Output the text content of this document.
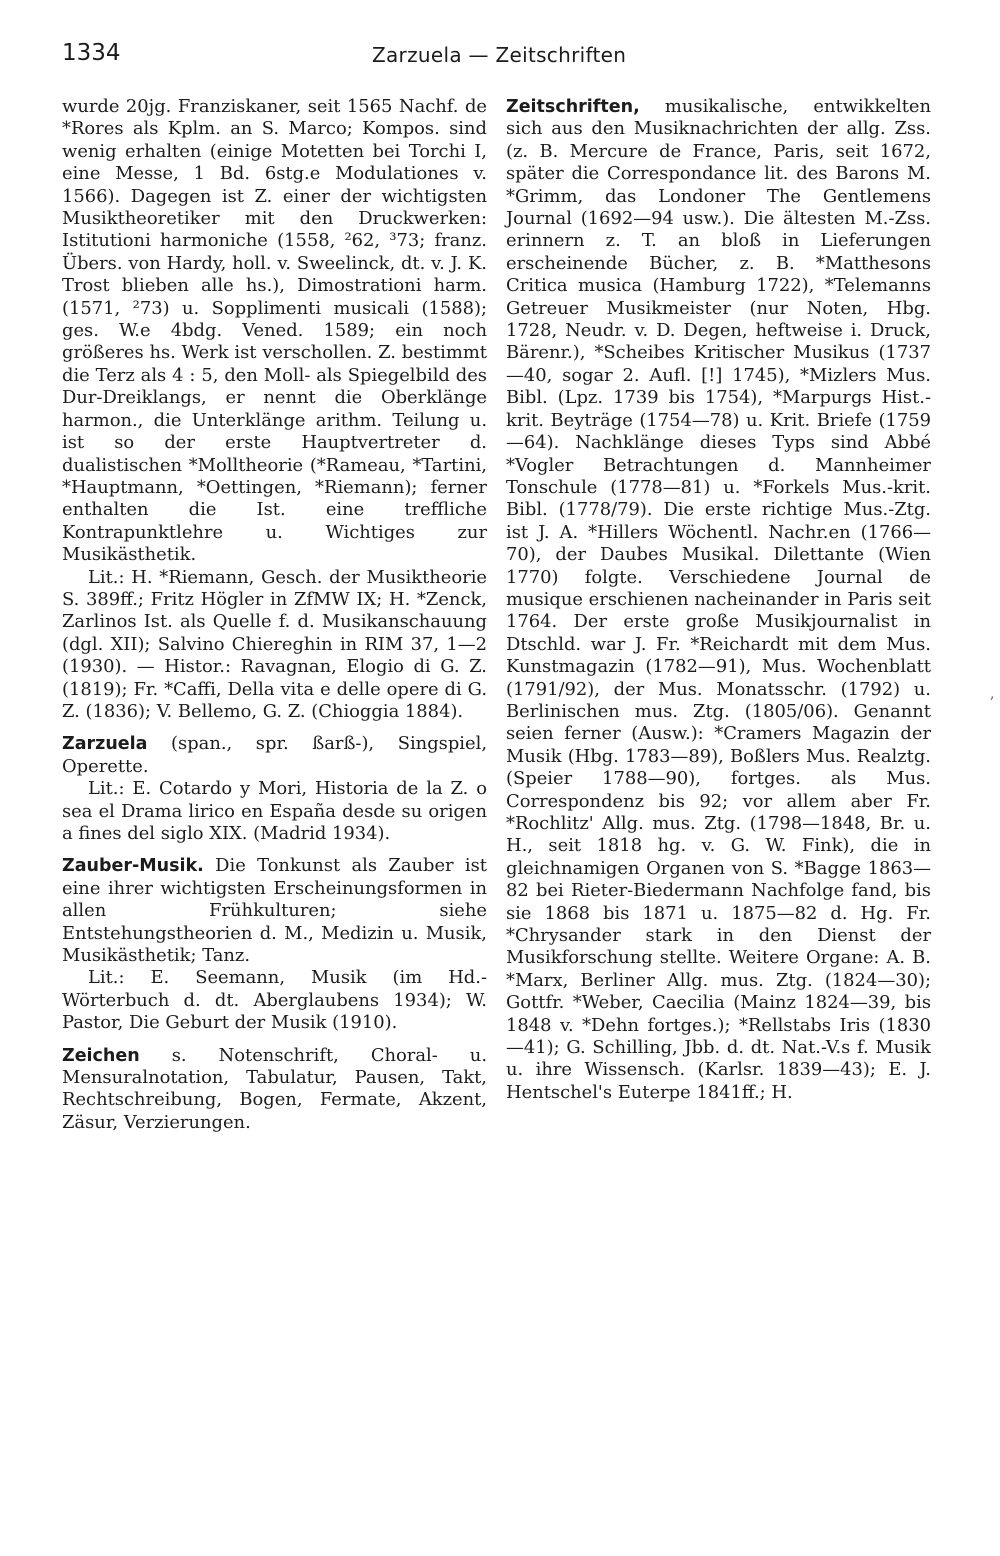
1334	Zarzuela — Zeitschriften

wurde 20jg. Franziskaner, seit 1565 Nachf. de *Rores als Kplm. an S. Marco; Kompos. sind wenig erhalten (einige Motetten bei Torchi I, eine Messe, 1 Bd. 6stg.e Modulationes v. 1566). Dagegen ist Z. einer der wichtigsten Musiktheoretiker mit den Druckwerken: Istitutioni harmoniche (1558, ²62, ³73; franz. Übers. von Hardy, holl. v. Sweelinck, dt. v. J. K. Trost blieben alle hs.), Dimostrationi harm. (1571, ²73) u. Sopplimenti musicali (1588); ges. W.e 4bdg. Vened. 1589; ein noch größeres hs. Werk ist verschollen. Z. bestimmt die Terz als 4 : 5, den Moll- als Spiegelbild des Dur-Dreiklangs, er nennt die Oberklänge harmon., die Unterklänge arithm. Teilung u. ist so der erste Hauptvertreter d. dualistischen *Molltheorie (*Rameau, *Tartini, *Hauptmann, *Oettingen, *Riemann); ferner enthalten die Ist. eine treffliche Kontrapunktlehre u. Wichtiges zur Musikästhetik.

Lit.: H. *Riemann, Gesch. der Musiktheorie S. 389ff.; Fritz Högler in ZfMW IX; H. *Zenck, Zarlinos Ist. als Quelle f. d. Musikanschauung (dgl. XII); Salvino Chiereghin in RIM 37, 1—2 (1930). — Histor.: Ravagnan, Elogio di G. Z. (1819); Fr. *Caffi, Della vita e delle opere di G. Z. (1836); V. Bellemo, G. Z. (Chioggia 1884).

Zarzuela (span., spr. ßarß-), Singspiel, Operette.

Lit.: E. Cotardo y Mori, Historia de la Z. o sea el Drama lirico en España desde su origen a fines del siglo XIX. (Madrid 1934).

Zauber-Musik. Die Tonkunst als Zauber ist eine ihrer wichtigsten Erscheinungsformen in allen Frühkulturen; siehe Entstehungstheorien d. M., Medizin u. Musik, Musikästhetik; Tanz.

Lit.: E. Seemann, Musik (im Hd.-Wörterbuch d. dt. Aberglaubens 1934); W. Pastor, Die Geburt der Musik (1910).

Zeichen s. Notenschrift, Choral- u. Mensuralnotation, Tabulatur, Pausen, Takt, Rechtschreibung, Bogen, Fermate, Akzent, Zäsur, Verzierungen.

Zeitschriften, musikalische, entwikkelten sich aus den Musiknachrichten der allg. Zss. (z. B. Mercure de France, Paris, seit 1672, später die Correspondance lit. des Barons M. *Grimm, das Londoner The Gentlemens Journal (1692—94 usw.). Die ältesten M.-Zss. erinnern z. T. an bloß in Lieferungen erscheinende Bücher, z. B. *Matthesons Critica musica (Hamburg 1722), *Telemanns Getreuer Musikmeister (nur Noten, Hbg. 1728, Neudr. v. D. Degen, heftweise i. Druck, Bärenr.), *Scheibes Kritischer Musikus (1737—40, sogar 2. Aufl. [!] 1745), *Mizlers Mus. Bibl. (Lpz. 1739 bis 1754), *Marpurgs Hist.-krit. Beyträge (1754—78) u. Krit. Briefe (1759—64). Nachklänge dieses Typs sind Abbé *Vogler Betrachtungen d. Mannheimer Tonschule (1778—81) u. *Forkels Mus.-krit. Bibl. (1778/79). Die erste richtige Mus.-Ztg. ist J. A. *Hillers Wöchentl. Nachr.en (1766—70), der Daubes Musikal. Dilettante (Wien 1770) folgte. Verschiedene Journal de musique erschienen nacheinander in Paris seit 1764. Der erste große Musikjournalist in Dtschld. war J. Fr. *Reichardt mit dem Mus. Kunstmagazin (1782—91), Mus. Wochenblatt (1791/92), der Mus. Monatsschr. (1792) u. Berlinischen mus. Ztg. (1805/06). Genannt seien ferner (Ausw.): *Cramers Magazin der Musik (Hbg. 1783—89), Boßlers Mus. Realztg. (Speier 1788—90), fortges. als Mus. Correspondenz bis 92; vor allem aber Fr. *Rochlitz' Allg. mus. Ztg. (1798—1848, Br. u. H., seit 1818 hg. v. G. W. Fink), die in gleichnamigen Organen von S. *Bagge 1863—82 bei Rieter-Biedermann Nachfolge fand, bis sie 1868 bis 1871 u. 1875—82 d. Hg. Fr. *Chrysander stark in den Dienst der Musikforschung stellte. Weitere Organe: A. B. *Marx, Berliner Allg. mus. Ztg. (1824—30); Gottfr. *Weber, Caecilia (Mainz 1824—39, bis 1848 v. *Dehn fortges.); *Rellstabs Iris (1830—41); G. Schilling, Jbb. d. dt. Nat.-V.s f. Musik u. ihre Wissensch. (Karlsr. 1839—43); E. J. Hentschel's Euterpe 1841ff.; H.

,
